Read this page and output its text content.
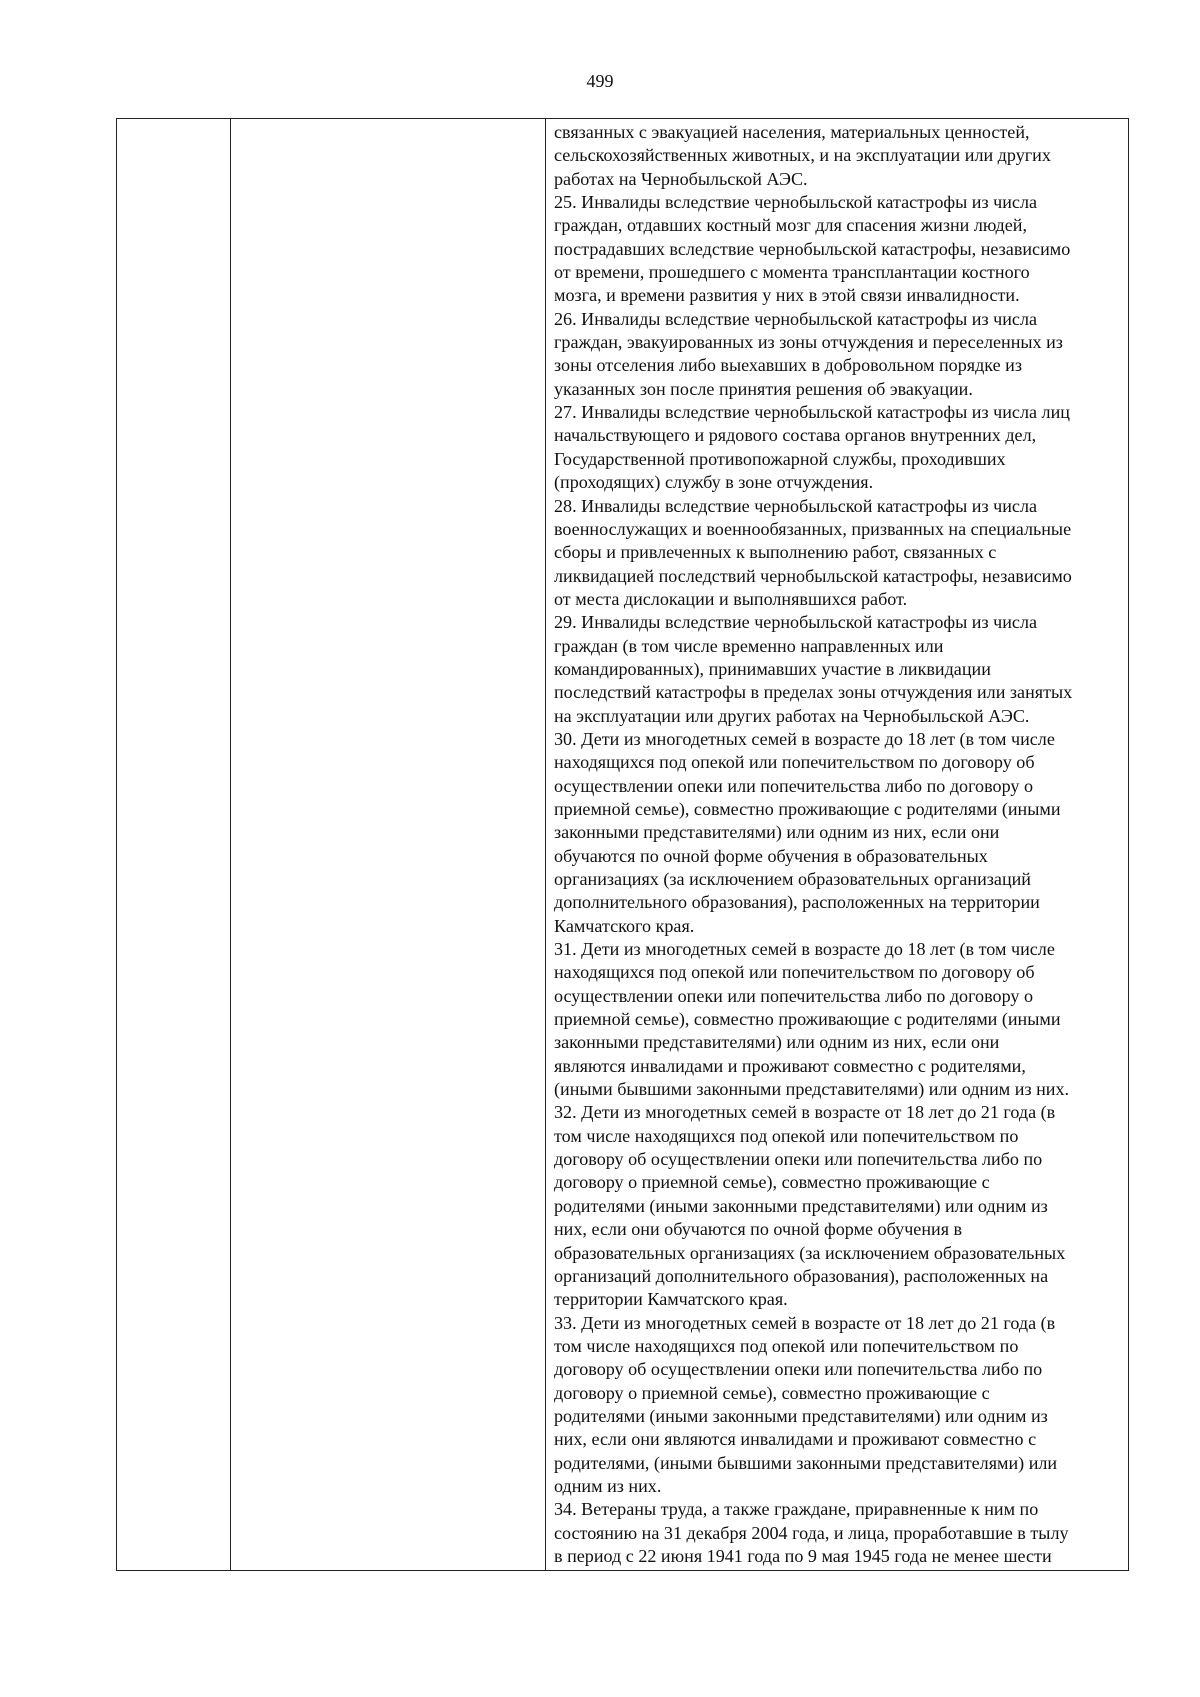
499

связанных с эвакуацией населения, материальных ценностей,
сельскохозяйственных животных, и на эксплуатации или других
работах на Чернобыльской АЭС.
25. Инвалиды вследствие чернобыльской катастрофы из числа
граждан, отдавших костный мозг для спасения жизни людей,
пострадавших вследствие чернобыльской катастрофы, независимо
от времени, прошедшего с момента трансплантации костного
мозга, и времени развития у них в этой связи инвалидности.
26. Инвалиды вследствие чернобыльской катастрофы из числа
граждан, эвакуированных из зоны отчуждения и переселенных из
зоны отселения либо выехавших в добровольном порядке из
указанных зон после принятия решения об эвакуации.
27. Инвалиды вследствие чернобыльской катастрофы из числа лиц
начальствующего и рядового состава органов внутренних дел,
Государственной противопожарной службы, проходивших
(проходящих) службу в зоне отчуждения.
28. Инвалиды вследствие чернобыльской катастрофы из числа
военнослужащих и военнообязанных, призванных на специальные
сборы и привлеченных к выполнению работ, связанных с
ликвидацией последствий чернобыльской катастрофы, независимо
от места дислокации и выполнявшихся работ.
29. Инвалиды вследствие чернобыльской катастрофы из числа
граждан (в том числе временно направленных или
командированных), принимавших участие в ликвидации
последствий катастрофы в пределах зоны отчуждения или занятых
на эксплуатации или других работах на Чернобыльской АЭС.
30. Дети из многодетных семей в возрасте до 18 лет (в том числе
находящихся под опекой или попечительством по договору об
осуществлении опеки или попечительства либо по договору о
приемной семье), совместно проживающие с родителями (иными
законными представителями) или одним из них, если они
обучаются по очной форме обучения в образовательных
организациях (за исключением образовательных организаций
дополнительного образования), расположенных на территории
Камчатского края.
31. Дети из многодетных семей в возрасте до 18 лет (в том числе
находящихся под опекой или попечительством по договору об
осуществлении опеки или попечительства либо по договору о
приемной семье), совместно проживающие с родителями (иными
законными представителями) или одним из них, если они
являются инвалидами и проживают совместно с родителями,
(иными бывшими законными представителями) или одним из них.
32. Дети из многодетных семей в возрасте от 18 лет до 21 года (в
том числе находящихся под опекой или попечительством по
договору об осуществлении опеки или попечительства либо по
договору о приемной семье), совместно проживающие с
родителями (иными законными представителями) или одним из
них, если они обучаются по очной форме обучения в
образовательных организациях (за исключением образовательных
организаций дополнительного образования), расположенных на
территории Камчатского края.
33. Дети из многодетных семей в возрасте от 18 лет до 21 года (в
том числе находящихся под опекой или попечительством по
договору об осуществлении опеки или попечительства либо по
договору о приемной семье), совместно проживающие с
родителями (иными законными представителями) или одним из
них, если они являются инвалидами и проживают совместно с
родителями, (иными бывшими законными представителями) или
одним из них.
34. Ветераны труда, а также граждане, приравненные к ним по
состоянию на 31 декабря 2004 года, и лица, проработавшие в тылу
в период с 22 июня 1941 года по 9 мая 1945 года не менее шести
